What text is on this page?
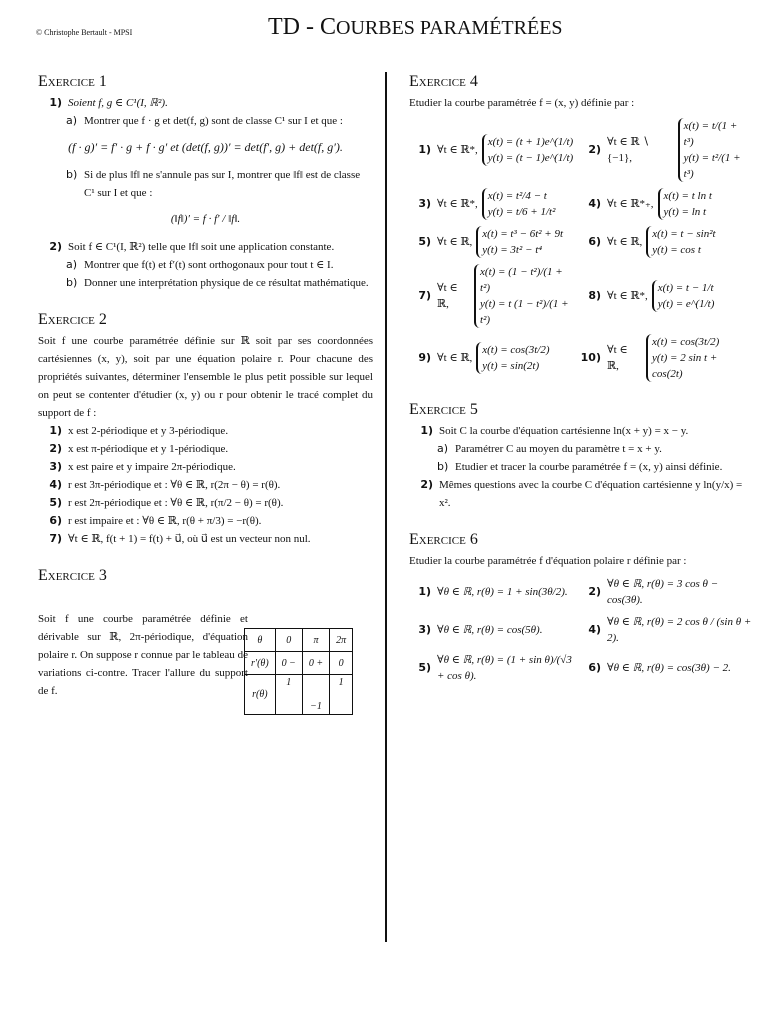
© Christophe Bertault - MPSI	TD - COURBES PARAMÉTRÉES
Exercice 1
1) Soient f, g ∈ C¹(I, ℝ²).
a) Montrer que f · g et det(f, g) sont de classe C¹ sur I et que :
(f · g)′ = f′ · g + f · g′ et (det(f, g))′ = det(f′, g) + det(f, g′).
b) Si de plus ‖f‖ ne s'annule pas sur I, montrer que ‖f‖ est de classe C¹ sur I et que :
(‖f‖)′ = f · f′ / ‖f‖.
2) Soit f ∈ C¹(I, ℝ²) telle que ‖f‖ soit une application constante.
a) Montrer que f(t) et f′(t) sont orthogonaux pour tout t ∈ I.
b) Donner une interprétation physique de ce résultat mathématique.
Exercice 2

Soit f une courbe paramétrée définie sur ℝ soit par ses coordonnées cartésiennes (x, y), soit par une équation polaire r. Pour chacune des propriétés suivantes, déterminer l'ensemble le plus petit possible sur lequel on peut se contenter d'étudier (x, y) ou r pour obtenir le tracé complet du support de f :

1) x est 2-périodique et y 3-périodique.
2) x est π-périodique et y 1-périodique.
3) x est paire et y impaire 2π-périodique.
4) r est 3π-périodique et : ∀θ ∈ ℝ, r(2π − θ) = r(θ).
5) r est 2π-périodique et : ∀θ ∈ ℝ, r(π/2 − θ) = r(θ).
6) r est impaire et : ∀θ ∈ ℝ, r(θ + π/3) = −r(θ).
7) ∀t ∈ ℝ, f(t + 1) = f(t) + u⃗, où u⃗ est un vecteur non nul.
Exercice 3

Soit f une courbe paramétrée définie et dérivable sur ℝ, 2π-périodique, d'équation polaire r. On suppose r connue par le tableau de variations ci-contre. Tracer l'allure du support de f.

θ	0	π	2π
r′(θ)	0 −	0 +	0
r(θ)	1	−1	1
Exercice 4

Etudier la courbe paramétrée f = (x, y) définie par :

1) ∀t ∈ ℝ*,
x(t) = (t + 1)e^(1/t)
y(t) = (t − 1)e^(1/t)
2)
∀t ∈ ℝ ∖ {−1},
x(t) = t/(1 + t³)
y(t) = t²/(1 + t³)
3) ∀t ∈ ℝ*,
x(t) = t²/4 − t
y(t) = t/6 + 1/t²
4) ∀t ∈ ℝ*₊,
x(t) = t ln t
y(t) = ln t
5) ∀t ∈ ℝ,
x(t) = t³ − 6t² + 9t
y(t) = 3t² − t⁴
6) ∀t ∈ ℝ,
x(t) = t − sin²t
y(t) = cos t
7)
∀t ∈ ℝ,
x(t) = (1 − t²)/(1 + t²)
y(t) = t (1 − t²)/(1 + t²)
8) ∀t ∈ ℝ*,
x(t) = t − 1/t
y(t) = e^(1/t)
9) ∀t ∈ ℝ,
x(t) = cos(3t/2)
y(t) = sin(2t)
10)
∀t ∈ ℝ,
x(t) = cos(3t/2)
y(t) = 2 sin t + cos(2t)
Exercice 5
1) Soit C la courbe d'équation cartésienne ln(x + y) = x − y.
a) Paramétrer C au moyen du paramètre t = x + y.
b) Etudier et tracer la courbe paramétrée f = (x, y) ainsi définie.
2) Mêmes questions avec la courbe C d'équation cartésienne y ln(y/x) = x².
Exercice 6

Etudier la courbe paramétrée f d'équation polaire r définie par :

1) ∀θ ∈ ℝ, r(θ) = 1 + sin(3θ/2).	2)
∀θ ∈ ℝ, r(θ) = 3 cos θ − cos(3θ).
3) ∀θ ∈ ℝ, r(θ) = cos(5θ).	4)
∀θ ∈ ℝ, r(θ) = 2 cos θ / (sin θ + 2).
5)
∀θ ∈ ℝ, r(θ) = (1 + sin θ)/(√3 + cos θ).
6) ∀θ ∈ ℝ, r(θ) = cos(3θ) − 2.
